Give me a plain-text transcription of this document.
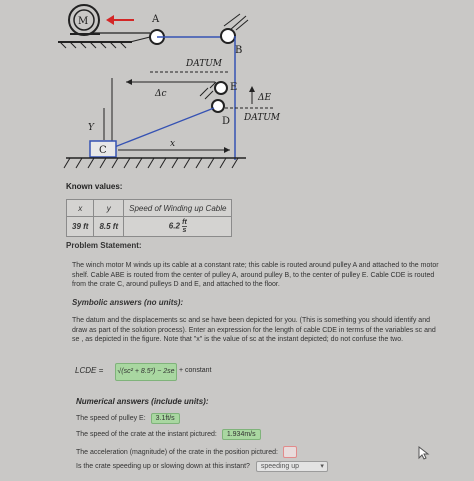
M	A
B
DATUM
Δc
E
ΔE
D DATUM
C
Y
x
Known values:
x	y	Speed of Winding up Cable
39 ft	8.5 ft	$6.2 \frac{ft}{s}$
Problem Statement:
The winch motor M winds up its cable at a constant rate; this cable is routed around pulley A and attached to the motor shelf. Cable ABE is routed from the center of pulley A, around pulley B, to the center of pulley E. Cable CDE is routed from the crate C, around pulleys D and E, and attached to the floor.
Symbolic answers (no units):
The datum and the displacements sc and se have been depicted for you. (This is something you should identify and draw as part of the solution process). Enter an expression for the length of cable CDE in terms of the variables sc and se , as depicted in the figure. Note that "x" is the value of sc at the instant depicted; do not confuse the two.
LCDE =	√(sc² + 8.5²) − 2se + constant
Numerical answers (include units):
The speed of pulley E: 3.1ft/s
The speed of the crate at the instant pictured: 1.934m/s
The acceleration (magnitude) of the crate in the position pictured:
Is the crate speeding up or slowing down at this instant? speeding up	▾
